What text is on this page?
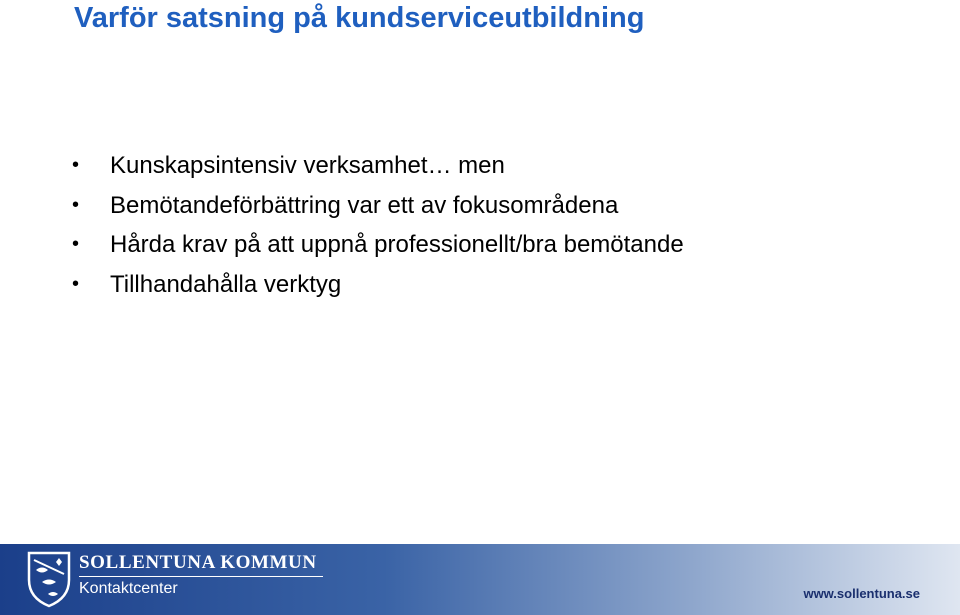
Varför satsning på kundserviceutbildning
• Kunskapsintensiv verksamhet… men
• Bemötandeförbättring var ett av fokusområdena
• Hårda krav på att uppnå professionellt/bra bemötande
• Tillhandahålla verktyg
SOLLENTUNA KOMMUN
Kontaktcenter	www.sollentuna.se
